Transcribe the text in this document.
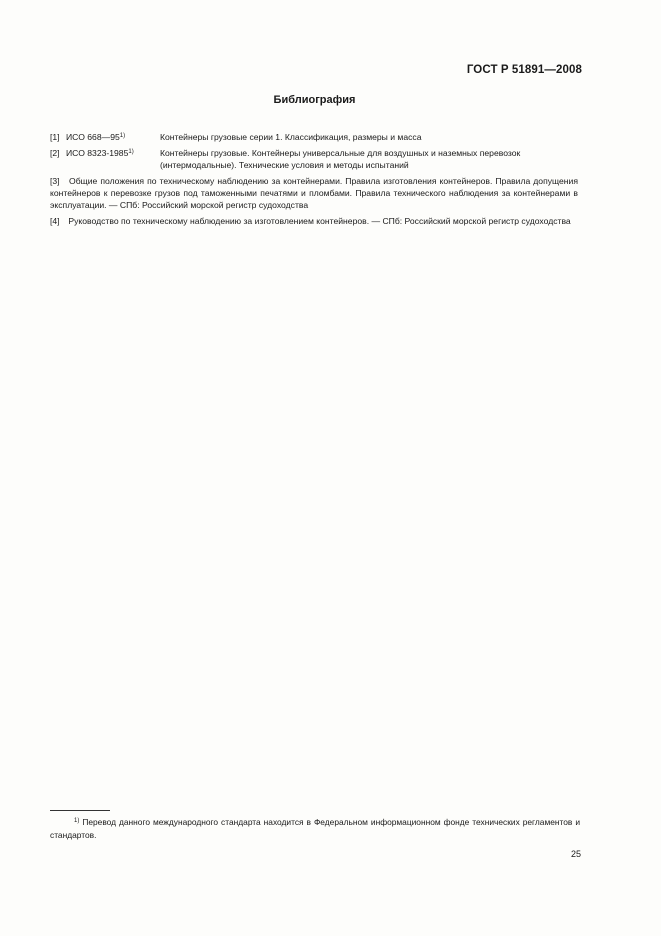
ГОСТ Р 51891—2008
Библиография
[1] ИСО 668—95$^{1)}$	Контейнеры грузовые серии 1. Классификация, размеры и масса
[2] ИСО 8323-1985$^{1)}$	Контейнеры грузовые. Контейнеры универсальные для воздушных и наземных перевозок (интермодальные). Технические условия и методы испытаний
[3] Общие положения по техническому наблюдению за контейнерами. Правила изготовления контейнеров. Правила допущения контейнеров к перевозке грузов под таможенными печатями и пломбами. Правила технического наблюдения за контейнерами в эксплуатации. — СПб: Российский морской регистр судоходства
[4] Руководство по техническому наблюдению за изготовлением контейнеров. — СПб: Российский морской регистр судоходства
$^{1)}$ Перевод данного международного стандарта находится в Федеральном информационном фонде технических регламентов и стандартов.
25
